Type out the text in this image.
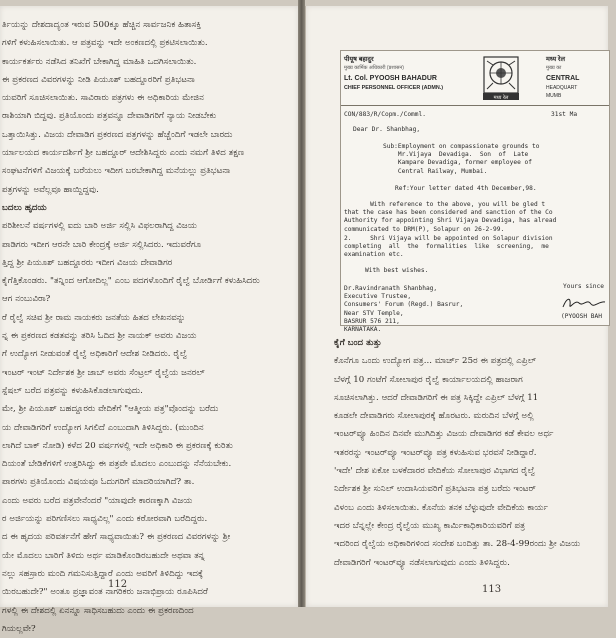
ರ್ತಿಯನ್ನು ದೇಶದಾದ್ಯಂತ ಇರುವ 500ಕ್ಕೂ ಹೆಚ್ಚಿನ ಸಾರ್ವಜನಿಕ ಹಿತಾಸಕ್ತಿ
ಗಳಿಗೆ ಕಳುಹಿಸಲಾಯಿತು. ಆ ಪತ್ರವನ್ನು ಇದೇ ಅಂಕಣದಲ್ಲಿ ಪ್ರಕಟಿಸಲಾಯಿತು.
ಕಾರ್ಯಕರ್ತರು ನಡೆಸಿದ ತನಿಖೆಗೆ ಬೇಕಾಗಿದ್ದ ಮಾಹಿತಿ ಒದಗಿಸಲಾಯಿತು.
ಈ ಪ್ರಕರಣದ ವಿವರಗಳನ್ನು ನೀಡಿ ಪಿಯೂಶ್ ಬಹದ್ದೂರರಿಗೆ ಪ್ರತಿಭಟನಾ
ಯವರಿಗೆ ಸೂಚಿಸಲಾಯಿತು. ಸಾವಿರಾರು ಪತ್ರಗಳು ಈ ಅಧಿಕಾರಿಯ ಮೇಜಿನ
ರಾಶಿಯಾಗಿ ಬಿದ್ದವು. ಪ್ರತಿಯೊಂದು ಪತ್ರವನ್ನೂ ದೇವಾಡಿಗರಿಗೆ ನ್ಯಾಯ ನೀಡಬೇಕು
ಒತ್ತಾಯಿಸಿತ್ತು. ವಿಜಯ ದೇವಾಡಿಗ ಪ್ರಕರಣದ ಪತ್ರಗಳನ್ನು ಹೆಚ್ಚೆಂದಿಗೆ ಇಡಲೇ ಬಾರದು
ರ್ಯಾಲಯದ ಕಾರ್ಯದರ್ಶಿಗೆ ಶ್ರೀ ಬಹದ್ದೂರ್ ಆದೇಶಿಸಿದ್ದರು ಎಂದು ನಮಗೆ ತಿಳಿದ ತಕ್ಷಣ
ಸಂಘಟನೆಗಳಿಗೆ ವಿಜಯಕ್ಕೆ ಬರೆಯಲು ಇದೀಗ ಬರಬೇಕಾಗಿದ್ದ ಮನೆಯಲ್ಲು ಪ್ರತಿಭಟನಾ
ಪತ್ರಗಳನ್ನು ಅವೆಲ್ಲವೂ ಹಾಯ್ದಿದ್ದವು.
ಬದಲು ಹೃದಯ
ಪರಿಶೀಲನೆ ವರ್ಷಗಳಲ್ಲಿ ಐದು ಬಾರಿ ಅರ್ಜಿ ಸಲ್ಲಿಸಿ ವಿಫಲರಾಗಿದ್ದ ವಿಜಯ
ಪಾಡಿಗರು ಇದೀಗ ಆರನೇ ಬಾರಿ ಕೇಂದ್ರಕ್ಕೆ ಅರ್ಜಿ ಸಲ್ಲಿಸಿದರು. ಇದುವರೆಗೂ
ತ್ತಿದ್ದ ಶ್ರೀ ಪಿಯೂಶ್ ಬಹದ್ದೂರರು ಇದೀಗ ವಿಜಯ ದೇವಾಡಿಗರ
ಕೈಗೆತ್ತಿಕೊಂಡರು. "ತನ್ನಿಂದ ಆಗೋದಿಲ್ಲ" ಎಂಬ ಪದಗಳೊಂದಿಗೆ ರೈಲ್ವೆ ಬೋರ್ಡಿಗೆ ಕಳುಹಿಸಿದರು
ಆಗ ನಂಬುವಿರಾ?
ರೆ ರೈಲ್ವೆ ಸಚಿವ ಶ್ರೀ ರಾಮ ನಾಯಕರು ಜನತೆಯ ಹಿತದ ಲೇಖನವನ್ನು
ನ್ನ ಈ ಪ್ರಕರಣದ ಕಡತವನ್ನು ತರಿಸಿ ಓದಿದ ಶ್ರೀ ನಾಯಕ್ ಅವರು ವಿಜಯ
ಗೆ ಉದ್ಯೋಗ ನೀಡುವಂತೆ ರೈಲ್ವೆ ಅಧಿಕಾರಿಗೆ ಆದೇಶ ನೀಡಿದರು. ರೈಲ್ವೆ
ಇಂಟರ್ ಇಂಟ್ ನಿರ್ದೇಶಕ ಶ್ರೀ ಜಾಬ್ ಅವರು ಸೆಂಟ್ರಲ್ ರೈಲ್ವೆಯ ಜನರಲ್
ಸ್ಪೆಷಲ್ ಬರೆದ ಪತ್ರವನ್ನು ಕಳುಹಿಸಿಕೊಡಲಾಗುವುದು.
ಮೇ, ಶ್ರೀ ಪಿಯೂಶ್ ಬಹದ್ದೂರರು ವೇದಿಕೆಗೆ "ಆತ್ಮೀಯ ಪತ್ರ"ವೊಂದನ್ನು ಬರೆದು
ಯ ದೇವಾಡಿಗರಿಗೆ ಉದ್ಯೋಗ ಸಿಗಲಿದೆ ಎಂಬುದಾಗಿ ತಿಳಿಸಿದ್ದರು. (ಮುಂದಿನ
ಲಾಗಿದೆ ಬಾಕ್ ನೋಡಿ) ಕಳೆದ 20 ವರ್ಷಗಳಲ್ಲಿ ಇದೇ ಅಧಿಕಾರಿ ಈ ಪ್ರಕರಣಕ್ಕೆ ಕುರಿತು
ದಿಯಂತೆ ಬೇಡಿಕೆಗಳಿಗೆ ಉತ್ತರಿಸಿದ್ದು ಈ ಪತ್ರವೇ ಮೊದಲು ಎಂಬುದನ್ನು ನೆನೆಯಬೇಕು.
ಪಾಠಗಳು ಪ್ರತಿಯೊಂದು ವಿಷಯವೂ ಓದುಗರಿಗೆ ಮಾದರಿಯಾಗಿದೆ? ತಾ.
ಎಂದು ಅವರು ಬರೆದ ಪತ್ರವೇನೆಂದರೆ "ಯಾವುದೇ ಕಾರಣಕ್ಕಾಗಿ ವಿಜಯ
ರ ಅರ್ಜಿಯನ್ನು ಪರಿಗಣಿಸಲು ಸಾಧ್ಯವಿಲ್ಲ" ಎಂದು ಕಠೋರವಾಗಿ ಬರೆದಿದ್ದರು.
ದ ಈ ಹೃದಯ ಪರಿವರ್ತನೆಗೆ ಹೇಗೆ ಸಾಧ್ಯವಾಯಿತು? ಈ ಪ್ರಕರಣದ ವಿವರಗಳನ್ನು ಶ್ರೀ
ಯೇ ಮೊದಲು ಬಾರಿಗೆ ತಿಳಿದು ಅರ್ಥ ಮಾಡಿಕೊಂಡಿರಬಹುದೇ ಅಥವಾ ತನ್ನ
ನಲ್ಲು ಸಹಸ್ರಾರು ಮಂದಿ ಗಮನಿಸುತ್ತಿದ್ದಾರೆ ಎಂದು ಅವರಿಗೆ ತಿಳಿದಿದ್ದು ಇದಕ್ಕೆ
ಯಿರಬಹುದೇ?" ಅಂತೂ ಪ್ರಜ್ಞಾವಂತ ನಾಗರಿಕರು ಜನಾಭಿಪ್ರಾಯ ರೂಪಿಸಿದರೆ
ಗಳಲ್ಲಿ ಈ ದೇಶದಲ್ಲಿ ಏನನ್ನೂ ಸಾಧಿಸಬಹುದು ಎಂದು ಈ ಪ್ರಕರಣದಿಂದ
ಗಿಯಲ್ಲವೇ?
112
पीयूष बहादुर
मुख्य कार्मिक अधिकारी (प्रशासन)
Lt. Col. PYOOSH BAHADUR
CHIEF PERSONNEL OFFICER (ADMN.)
मध्य रेल
मध्य रेल
मुख्य का
CENTRAL
HEADQUART
MUMB
CON/883/R/Copm./Comml.	31st Ma
Dear Dr. Shanbhag,
Sub:Employment on compassionate grounds to
Mr.Vijaya  Devadiga.  Son  of  Late
Kampare Devadiga, former employee of
Central Railway, Mumbai.
Ref:Your letter dated 4th December,98.
With reference to the above, you will be gled t
that the case has been considered and sanction of the Co
Authority for appointing Shri Vijaya Devadiga, has alread
communicated to DRM(P), Solapur on 26-2-99.
2.     Shri Vijaya will be appointed on Solapur division
completing  all  the  formalities  like  screening,  me
examination etc.
With best wishes.
Dr.Ravindranath Shanbhag,
Executive Trustee,
Consumers' Forum (Regd.) Basrur,
Near STV Temple,
BASRUR 576 211,
KARNATAKA.
Yours since
(PYOOSH BAH
ಕೈಗೆ ಬಂದ ತುತ್ತು
ಕೊನೆಗೂ ಒಂದು ಉದ್ಯೋಗ ಪತ್ರ... ಮಾರ್ಚ್ 25ರ ಈ ಪತ್ರದಲ್ಲಿ ಎಪ್ರಿಲ್
ಬೆಳಗ್ಗೆ 10 ಗಂಟೆಗೆ ಸೋಲಾಪುರ ರೈಲ್ವೆ ಕಾರ್ಯಾಲಯದಲ್ಲಿ ಹಾಜರಾಗ
ಸೂಚಿಸಲಾಗಿತ್ತು. ಆದರೆ ದೇವಾಡಿಗರಿಗೆ ಈ ಪತ್ರ ಸಿಕ್ಕಿದ್ದೇ ಎಪ್ರಿಲ್ ಬೆಳಗ್ಗೆ 11
ಕೂಡಲೇ ದೇವಾಡಿಗರು ಸೋಲಾಪುರಕ್ಕೆ ಹೊರಟರು. ಮರುದಿನ ಬೆಳಗ್ಗೆ ಅಲ್ಲಿ
ಇಂಟರ್‌ವ್ಯೂ ಹಿಂದಿನ ದಿನವೇ ಮುಗಿದಿತ್ತು ವಿಜಯ ದೇವಾಡಿಗರ ಕಡೆ ಕೇವಲ ಅರ್ಧ
ಇತರರನ್ನು ಇಂಟರ್‌ವ್ಯೂ ಇಂಟರ್‌ವ್ಯೂ ಪತ್ರ ಕಳುಹಿಸುವ ಭರವಸೆ ನೀಡಿದ್ದಾರೆ.
'ಇದೇ' ದೇಶ ಏಕೋ ಬಳಕೆದಾರರ ವೇದಿಕೆಯ ಸೋಲಾಪುರ ವಿಭಾಗದ ರೈಲ್ವೆ
ನಿರ್ದೇಶಕ ಶ್ರೀ ಸುನಿಲ್ ಉದಾಸಿಯವರಿಗೆ ಪ್ರತಿಭಟನಾ ಪತ್ರ ಬರೆದು ಇಂಟರ್
ವಿಳಂಬ ಎಂದು ತಿಳಿಸಲಾಯಿತು. ಕೊನೆಯ ತನಕ ಬೆಳ್ಳುವುದೇ ವೇದಿಕೆಯ ಕಾರ್ಯ
ಇದರ ಬೆನ್ನಲ್ಲೇ ಕೇಂದ್ರ ರೈಲ್ವೆಯ ಮುಖ್ಯ ಕಾರ್ಮಿಕಾಧಿಕಾರಿಯವರಿಗೆ ಪತ್ರ
ಇದರಿಂದ ರೈಲ್ವೆಯ ಅಧಿಕಾರಿಗಳಿಂದ ಸಂದೇಶ ಬಂದಿತ್ತು ತಾ. 28-4-99ರಂದು ಶ್ರೀ ವಿಜಯ
ದೇವಾಡಿಗರಿಗೆ ಇಂಟರ್‌ವ್ಯೂ ನಡೆಸಲಾಗುವುದು ಎಂದು ತಿಳಿಸಿದ್ದರು.
113
